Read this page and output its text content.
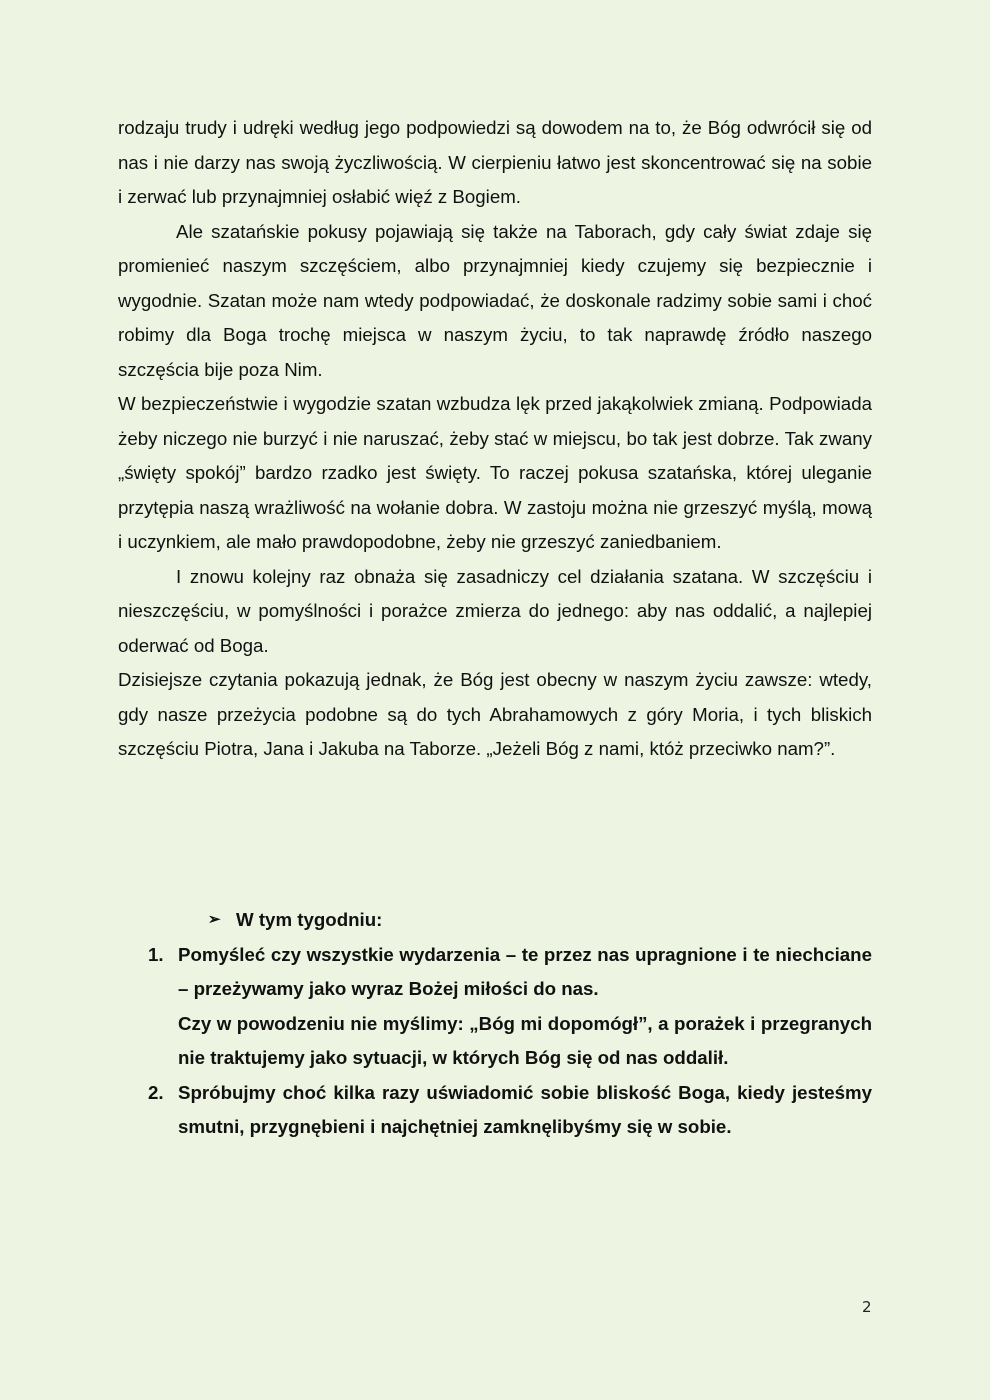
rodzaju trudy i udręki według jego podpowiedzi są dowodem na to, że Bóg odwrócił się od nas i nie darzy nas swoją życzliwością. W cierpieniu łatwo jest skoncentrować się na sobie i zerwać lub przynajmniej osłabić więź z Bogiem.

Ale szatańskie pokusy pojawiają się także na Taborach, gdy cały świat zdaje się promienieć naszym szczęściem, albo przynajmniej kiedy czujemy się bezpiecznie i wygodnie. Szatan może nam wtedy podpowiadać, że doskonale radzimy sobie sami i choć robimy dla Boga trochę miejsca w naszym życiu, to tak naprawdę źródło naszego szczęścia bije poza Nim.

W bezpieczeństwie i wygodzie szatan wzbudza lęk przed jakąkolwiek zmianą. Podpowiada żeby niczego nie burzyć i nie naruszać, żeby stać w miejscu, bo tak jest dobrze. Tak zwany „święty spokój” bardzo rzadko jest święty. To raczej pokusa szatańska, której uleganie przytępia naszą wrażliwość na wołanie dobra. W zastoju można nie grzeszyć myślą, mową i uczynkiem, ale mało prawdopodobne, żeby nie grzeszyć zaniedbaniem.

I znowu kolejny raz obnaża się zasadniczy cel działania szatana. W szczęściu i nieszczęściu, w pomyślności i porażce zmierza do jednego: aby nas oddalić, a najlepiej oderwać od Boga.

Dzisiejsze czytania pokazują jednak, że Bóg jest obecny w naszym życiu zawsze: wtedy, gdy nasze przeżycia podobne są do tych Abrahamowych z góry Moria, i tych bliskich szczęściu Piotra, Jana i Jakuba na Taborze. „Jeżeli Bóg z nami, któż przeciwko nam?”.

➢ W tym tygodniu:
1. Pomyśleć czy wszystkie wydarzenia – te przez nas upragnione i te niechciane – przeżywamy jako wyraz Bożej miłości do nas.

Czy w powodzeniu nie myślimy: „Bóg mi dopomógł”, a porażek i przegranych nie traktujemy jako sytuacji, w których Bóg się od nas oddalił.

2. Spróbujmy choć kilka razy uświadomić sobie bliskość Boga, kiedy jesteśmy smutni, przygnębieni i najchętniej zamknęlibyśmy się w sobie.

2
